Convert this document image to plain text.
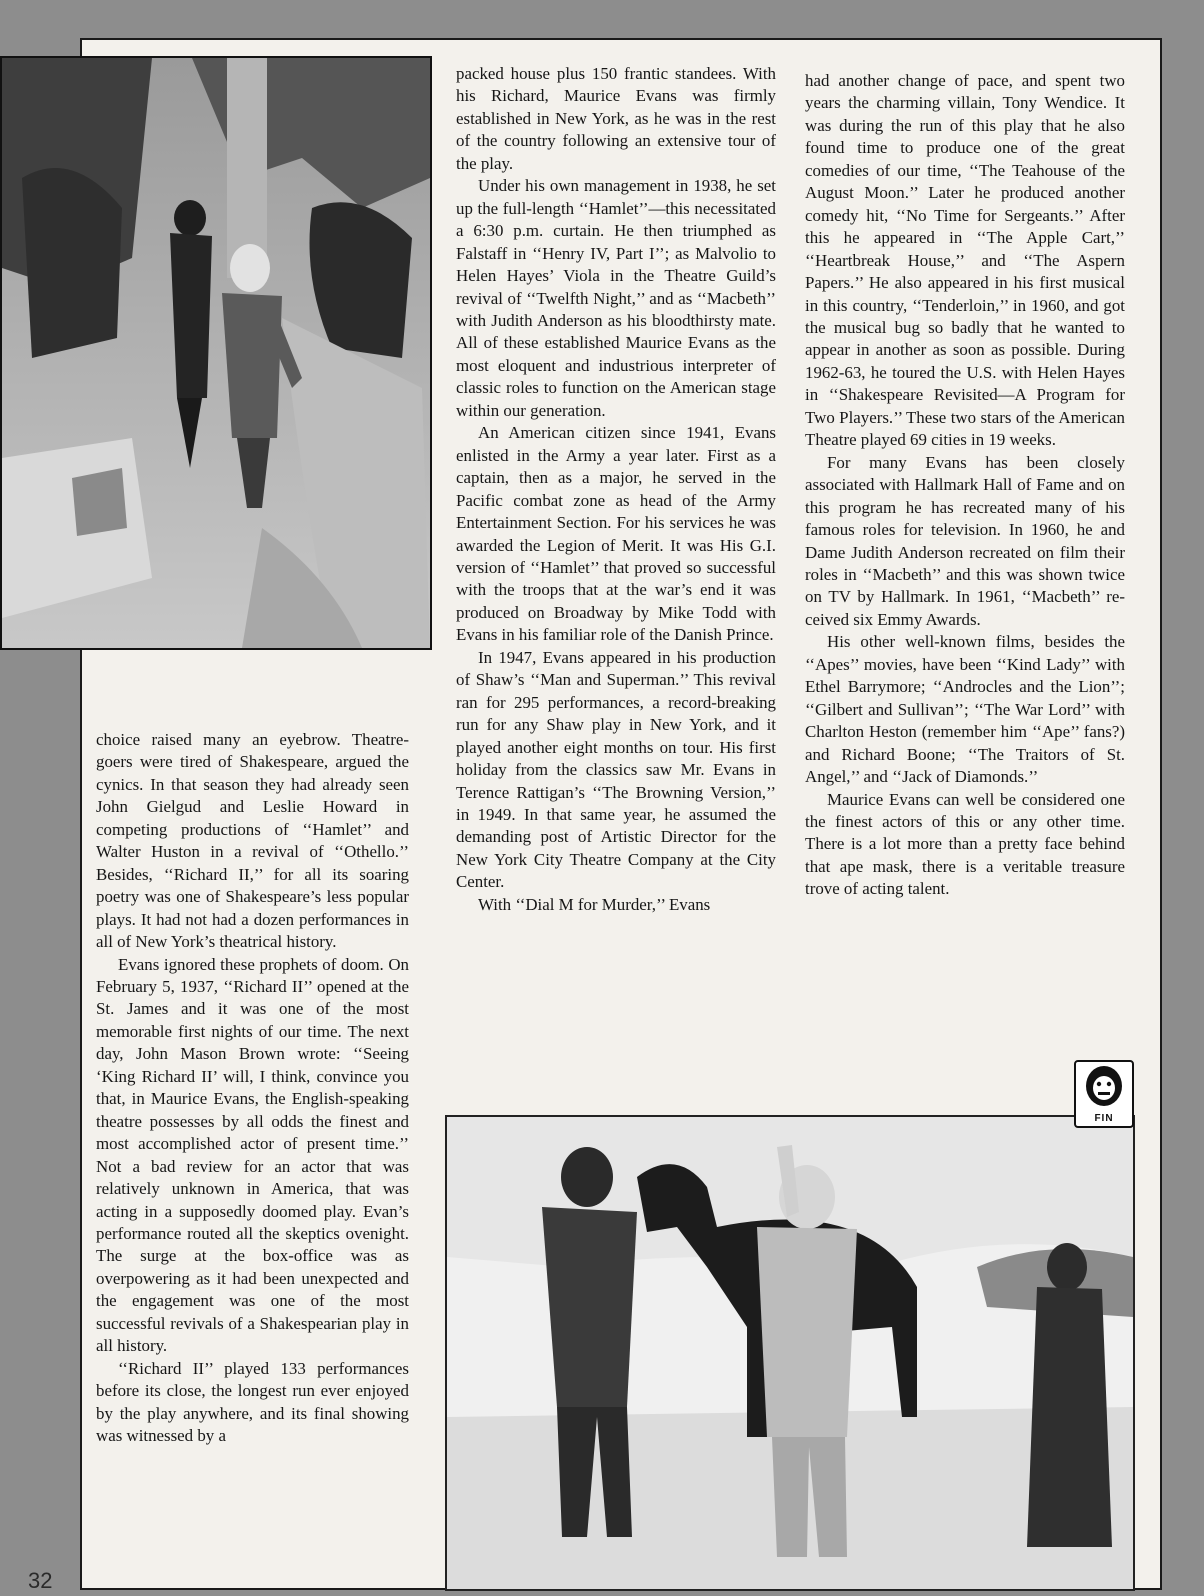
choice raised many an eyebrow. Theatre-goers were tired of Shakespeare, argued the cynics. In that season they had already seen John Gielgud and Leslie Howard in competing productions of ‘‘Hamlet’’ and Walter Huston in a revival of ‘‘Othello.’’ Besides, ‘‘Richard II,’’ for all its soaring poetry was one of Shakespeare’s less popular plays. It had not had a dozen performances in all of New York’s theatrical history.

Evans ignored these prophets of doom. On February 5, 1937, ‘‘Richard II’’ opened at the St. James and it was one of the most memorable first nights of our time. The next day, John Mason Brown wrote: ‘‘Seeing ‘King Richard II’ will, I think, convince you that, in Maurice Evans, the English-speaking theatre possesses by all odds the finest and most accomplished actor of present time.’’ Not a bad review for an actor that was relatively unknown in America, that was acting in a supposedly doomed play. Evan’s performance routed all the skeptics ovenight. The surge at the box-office was as overpowering as it had been unexpected and the engagement was one of the most successful revivals of a Shakespearian play in all history.

‘‘Richard II’’ played 133 performances before its close, the longest run ever enjoyed by the play anywhere, and its final showing was witnessed by a

packed house plus 150 frantic standees. With his Richard, Maurice Evans was firmly established in New York, as he was in the rest of the country following an extensive tour of the play.

Under his own management in 1938, he set up the full-length ‘‘Hamlet’’—this necessitated a 6:30 p.m. curtain. He then triumphed as Falstaff in ‘‘Henry IV, Part I’’; as Malvolio to Helen Hayes’ Viola in the Theatre Guild’s revival of ‘‘Twelfth Night,’’ and as ‘‘Macbeth’’ with Judith Anderson as his bloodthirsty mate. All of these established Maurice Evans as the most eloquent and industrious interpreter of classic roles to function on the American stage within our generation.

An American citizen since 1941, Evans enlisted in the Army a year later. First as a captain, then as a major, he served in the Pacific combat zone as head of the Army Entertainment Section. For his services he was awarded the Legion of Merit. It was His G.I. version of ‘‘Hamlet’’ that proved so successful with the troops that at the war’s end it was produced on Broadway by Mike Todd with Evans in his familiar role of the Danish Prince.

In 1947, Evans appeared in his production of Shaw’s ‘‘Man and Superman.’’ This revival ran for 295 performances, a record-breaking run for any Shaw play in New York, and it played another eight months on tour. His first holiday from the classics saw Mr. Evans in Terence Rattigan’s ‘‘The Browning Version,’’ in 1949. In that same year, he assumed the demanding post of Artistic Director for the New York City Theatre Company at the City Center.

With ‘‘Dial M for Murder,’’ Evans

had another change of pace, and spent two years the charming villain, Tony Wendice. It was during the run of this play that he also found time to produce one of the great comedies of our time, ‘‘The Teahouse of the August Moon.’’ Later he produced another comedy hit, ‘‘No Time for Sergeants.’’ After this he appeared in ‘‘The Apple Cart,’’ ‘‘Heartbreak House,’’ and ‘‘The Aspern Papers.’’ He also appeared in his first musical in this country, ‘‘Tenderloin,’’ in 1960, and got the musical bug so badly that he wanted to appear in another as soon as possible. During 1962-63, he toured the U.S. with Helen Hayes in ‘‘Shakespeare Revisited—A Program for Two Players.’’ These two stars of the American Theatre played 69 cities in 19 weeks.

For many Evans has been closely associated with Hallmark Hall of Fame and on this program he has recreated many of his famous roles for television. In 1960, he and Dame Judith Anderson recreated on film their roles in ‘‘Macbeth’’ and this was shown twice on TV by Hallmark. In 1961, ‘‘Macbeth’’ received six Emmy Awards.

His other well-known films, besides the ‘‘Apes’’ movies, have been ‘‘Kind Lady’’ with Ethel Barrymore; ‘‘Androcles and the Lion’’; ‘‘Gilbert and Sullivan’’; ‘‘The War Lord’’ with Charlton Heston (remember him ‘‘Ape’’ fans?) and Richard Boone; ‘‘The Traitors of St. Angel,’’ and ‘‘Jack of Diamonds.’’

Maurice Evans can well be considered one the finest actors of this or any other time. There is a lot more than a pretty face behind that ape mask, there is a veritable treasure trove of acting talent.

FIN
32
